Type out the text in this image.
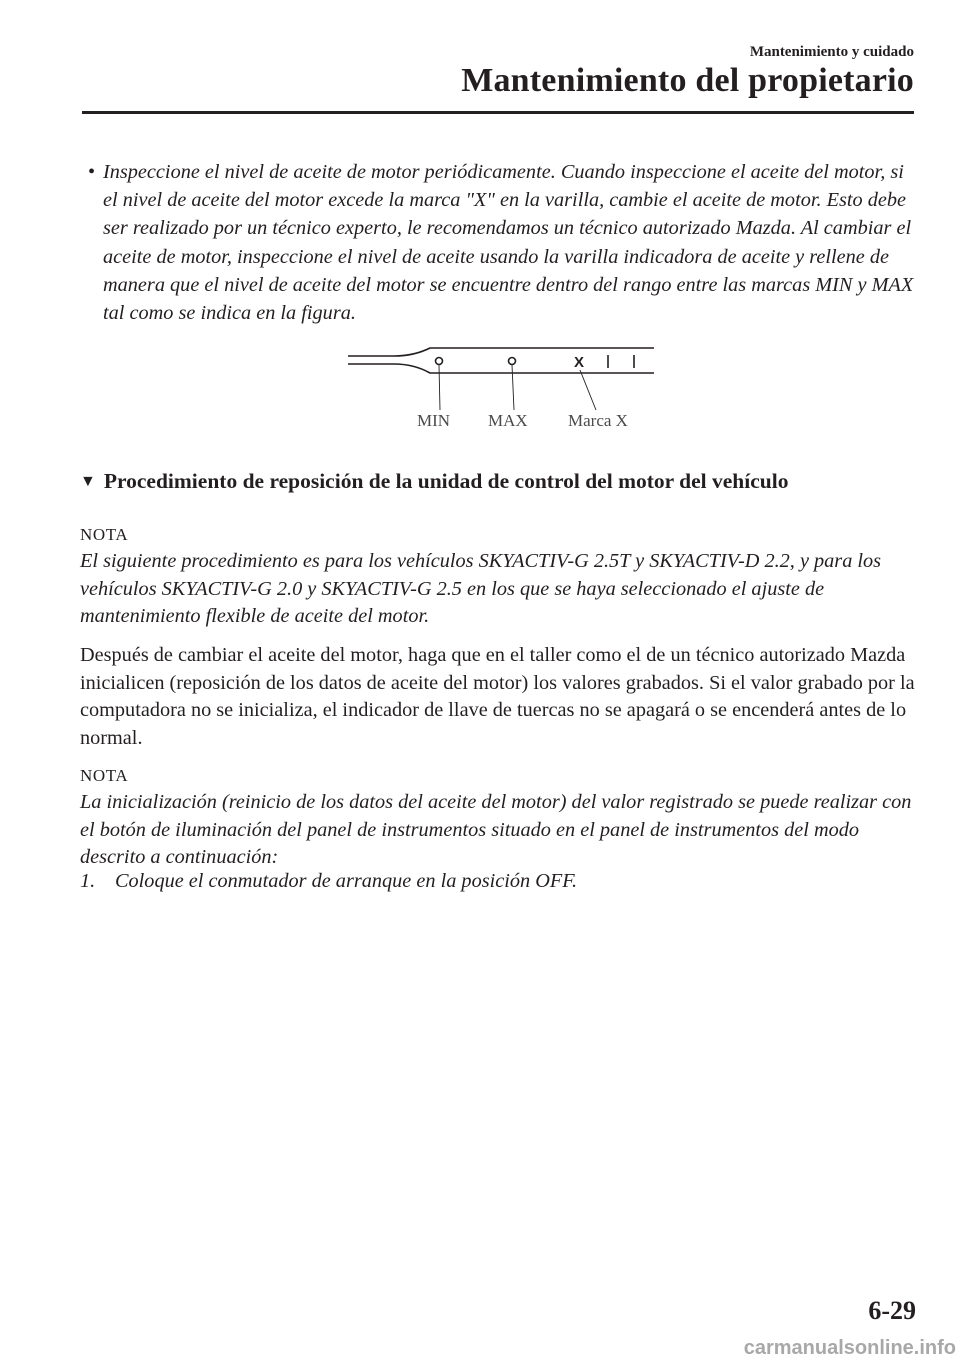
Mantenimiento y cuidado
Mantenimiento del propietario
• Inspeccione el nivel de aceite de motor periódicamente. Cuando inspeccione el aceite del motor, si el nivel de aceite del motor excede la marca "X" en la varilla, cambie el aceite de motor. Esto debe ser realizado por un técnico experto, le recomendamos un técnico autorizado Mazda. Al cambiar el aceite de motor, inspeccione el nivel de aceite usando la varilla indicadora de aceite y rellene de manera que el nivel de aceite del motor se encuentre dentro del rango entre las marcas MIN y MAX tal como se indica en la figura.
X
MIN MAX Marca X
▼ Procedimiento de reposición de la unidad de control del motor del vehículo
NOTA
El siguiente procedimiento es para los vehículos SKYACTIV-G 2.5T y SKYACTIV-D 2.2, y para los vehículos SKYACTIV-G 2.0 y SKYACTIV-G 2.5 en los que se haya seleccionado el ajuste de mantenimiento flexible de aceite del motor.
Después de cambiar el aceite del motor, haga que en el taller como el de un técnico autorizado Mazda inicialicen (reposición de los datos de aceite del motor) los valores grabados. Si el valor grabado por la computadora no se inicializa, el indicador de llave de tuercas no se apagará o se encenderá antes de lo normal.
NOTA
La inicialización (reinicio de los datos del aceite del motor) del valor registrado se puede realizar con el botón de iluminación del panel de instrumentos situado en el panel de instrumentos del modo descrito a continuación:
1. Coloque el conmutador de arranque en la posición OFF.
6-29
carmanualsonline.info
